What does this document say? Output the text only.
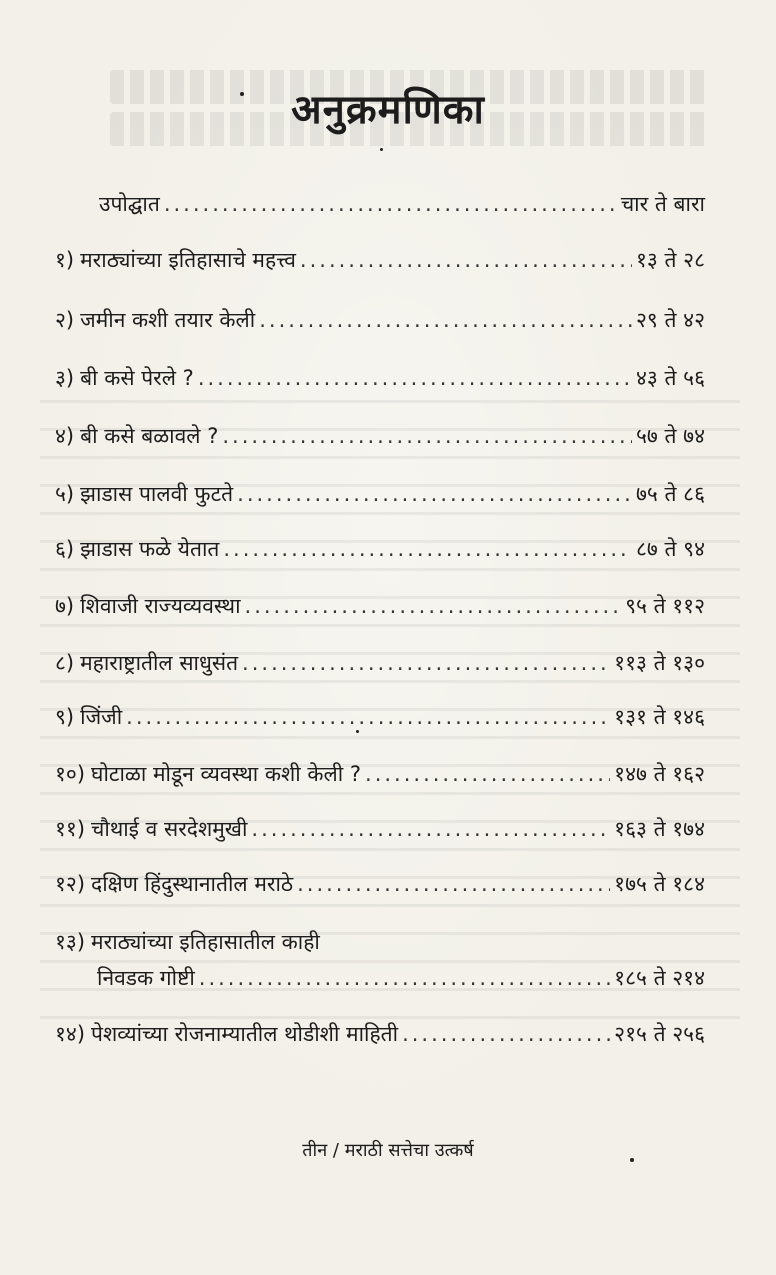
अनुक्रमणिका
उपोद्घात .....	चार ते बारा
१) मराठ्यांच्या इतिहासाचे महत्त्व .....	१३ ते २८
२) जमीन कशी तयार केली .....	२९ ते ४२
३) बी कसे पेरले ? .....	४३ ते ५६
४) बी कसे बळावले ? .....	५७ ते ७४
५) झाडास पालवी फुटते .....	७५ ते ८६
६) झाडास फळे येतात .....	८७ ते ९४
७) शिवाजी राज्यव्यवस्था .....	९५ ते ११२
८) महाराष्ट्रातील साधुसंत .....	११३ ते १३०
९) जिंजी .....	१३१ ते १४६
१०) घोटाळा मोडून व्यवस्था कशी केली ? .....	१४७ ते १६२
११) चौथाई व सरदेशमुखी .....	१६३ ते १७४
१२) दक्षिण हिंदुस्थानातील मराठे .....	१७५ ते १८४
१३) मराठ्यांच्या इतिहासातील काही
निवडक गोष्टी .....	१८५ ते २१४
१४) पेशव्यांच्या रोजनाम्यातील थोडीशी माहिती .....	२१५ ते २५६
तीन / मराठी सत्तेचा उत्कर्ष
